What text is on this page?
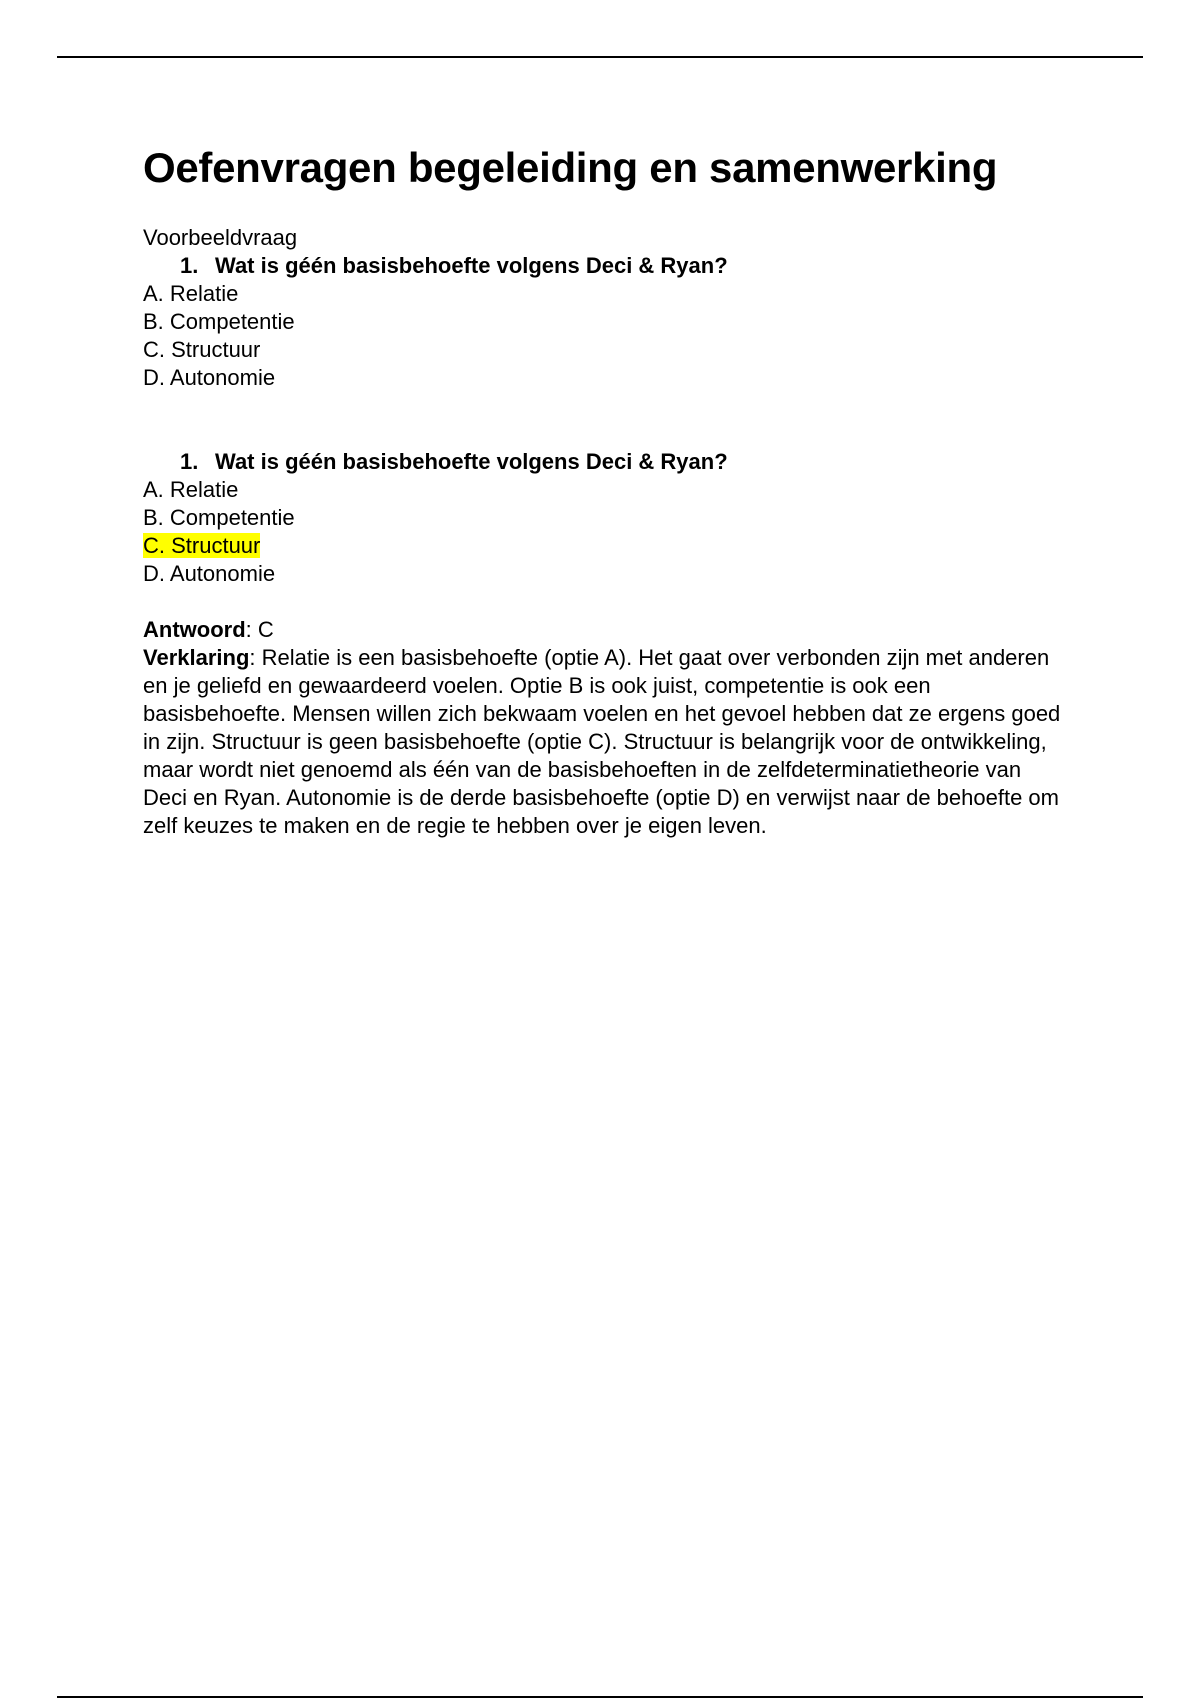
Oefenvragen begeleiding en samenwerking

Voorbeeldvraag

1. Wat is géén basisbehoefte volgens Deci & Ryan?

A. Relatie

B. Competentie

C. Structuur

D. Autonomie

1. Wat is géén basisbehoefte volgens Deci & Ryan?

A. Relatie

B. Competentie

C. Structuur

D. Autonomie

Antwoord: C

Verklaring: Relatie is een basisbehoefte (optie A). Het gaat over verbonden zijn met anderen en je geliefd en gewaardeerd voelen. Optie B is ook juist, competentie is ook een basisbehoefte. Mensen willen zich bekwaam voelen en het gevoel hebben dat ze ergens goed in zijn. Structuur is geen basisbehoefte (optie C). Structuur is belangrijk voor de ontwikkeling, maar wordt niet genoemd als één van de basisbehoeften in de zelfdeterminatietheorie van Deci en Ryan. Autonomie is de derde basisbehoefte (optie D) en verwijst naar de behoefte om zelf keuzes te maken en de regie te hebben over je eigen leven.
